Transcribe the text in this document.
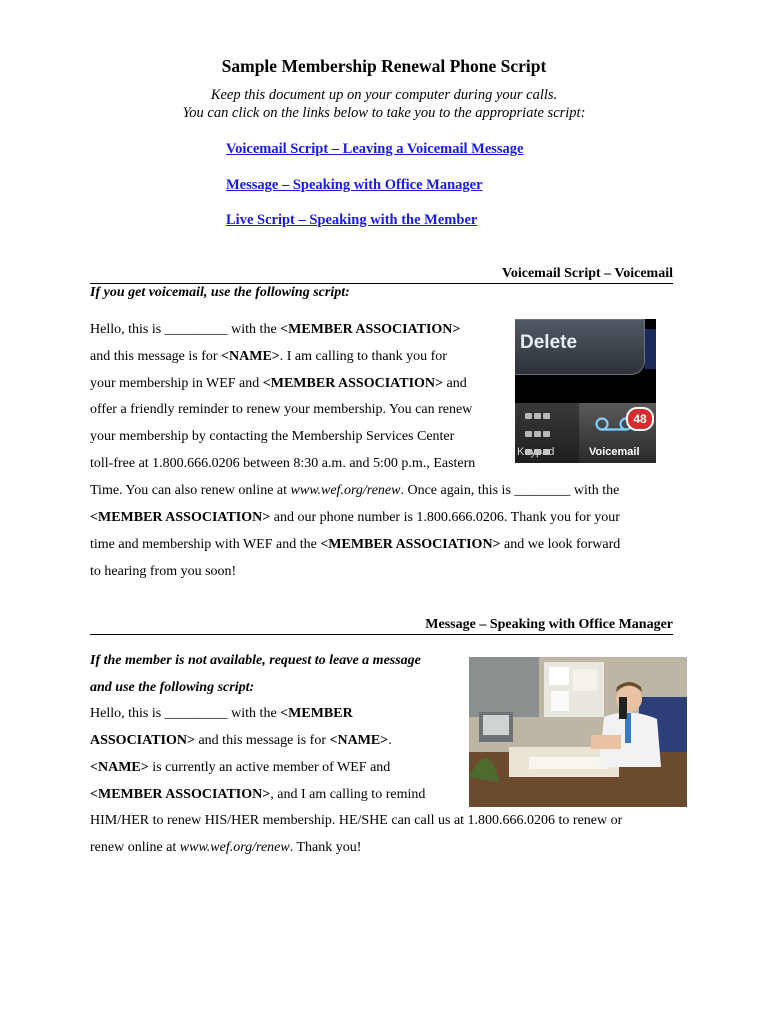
Sample Membership Renewal Phone Script
Keep this document up on your computer during your calls.
You can click on the links below to take you to the appropriate script:
Voicemail Script – Leaving a Voicemail Message
Message – Speaking with Office Manager
Live Script – Speaking with the Member
Voicemail Script – Voicemail
If you get voicemail, use the following script:
Hello, this is _________ with the <MEMBER ASSOCIATION>
and this message is for <NAME>. I am calling to thank you for
your membership in WEF and <MEMBER ASSOCIATION> and
offer a friendly reminder to renew your membership. You can renew
your membership by contacting the Membership Services Center
toll-free at 1.800.666.0206 between 8:30 a.m. and 5:00 p.m., Eastern
Time. You can also renew online at www.wef.org/renew. Once again, this is ________ with the
<MEMBER ASSOCIATION> and our phone number is 1.800.666.0206. Thank you for your
time and membership with WEF and the <MEMBER ASSOCIATION> and we look forward
to hearing from you soon!
Delete
Keypad
48
Voicemail
Message – Speaking with Office Manager
If the member is not available, request to leave a message
and use the following script:
Hello, this is _________ with the <MEMBER
ASSOCIATION> and this message is for <NAME>.
<NAME> is currently an active member of WEF and
<MEMBER ASSOCIATION>, and I am calling to remind
HIM/HER to renew HIS/HER membership. HE/SHE can call us at 1.800.666.0206 to renew or
renew online at www.wef.org/renew. Thank you!
